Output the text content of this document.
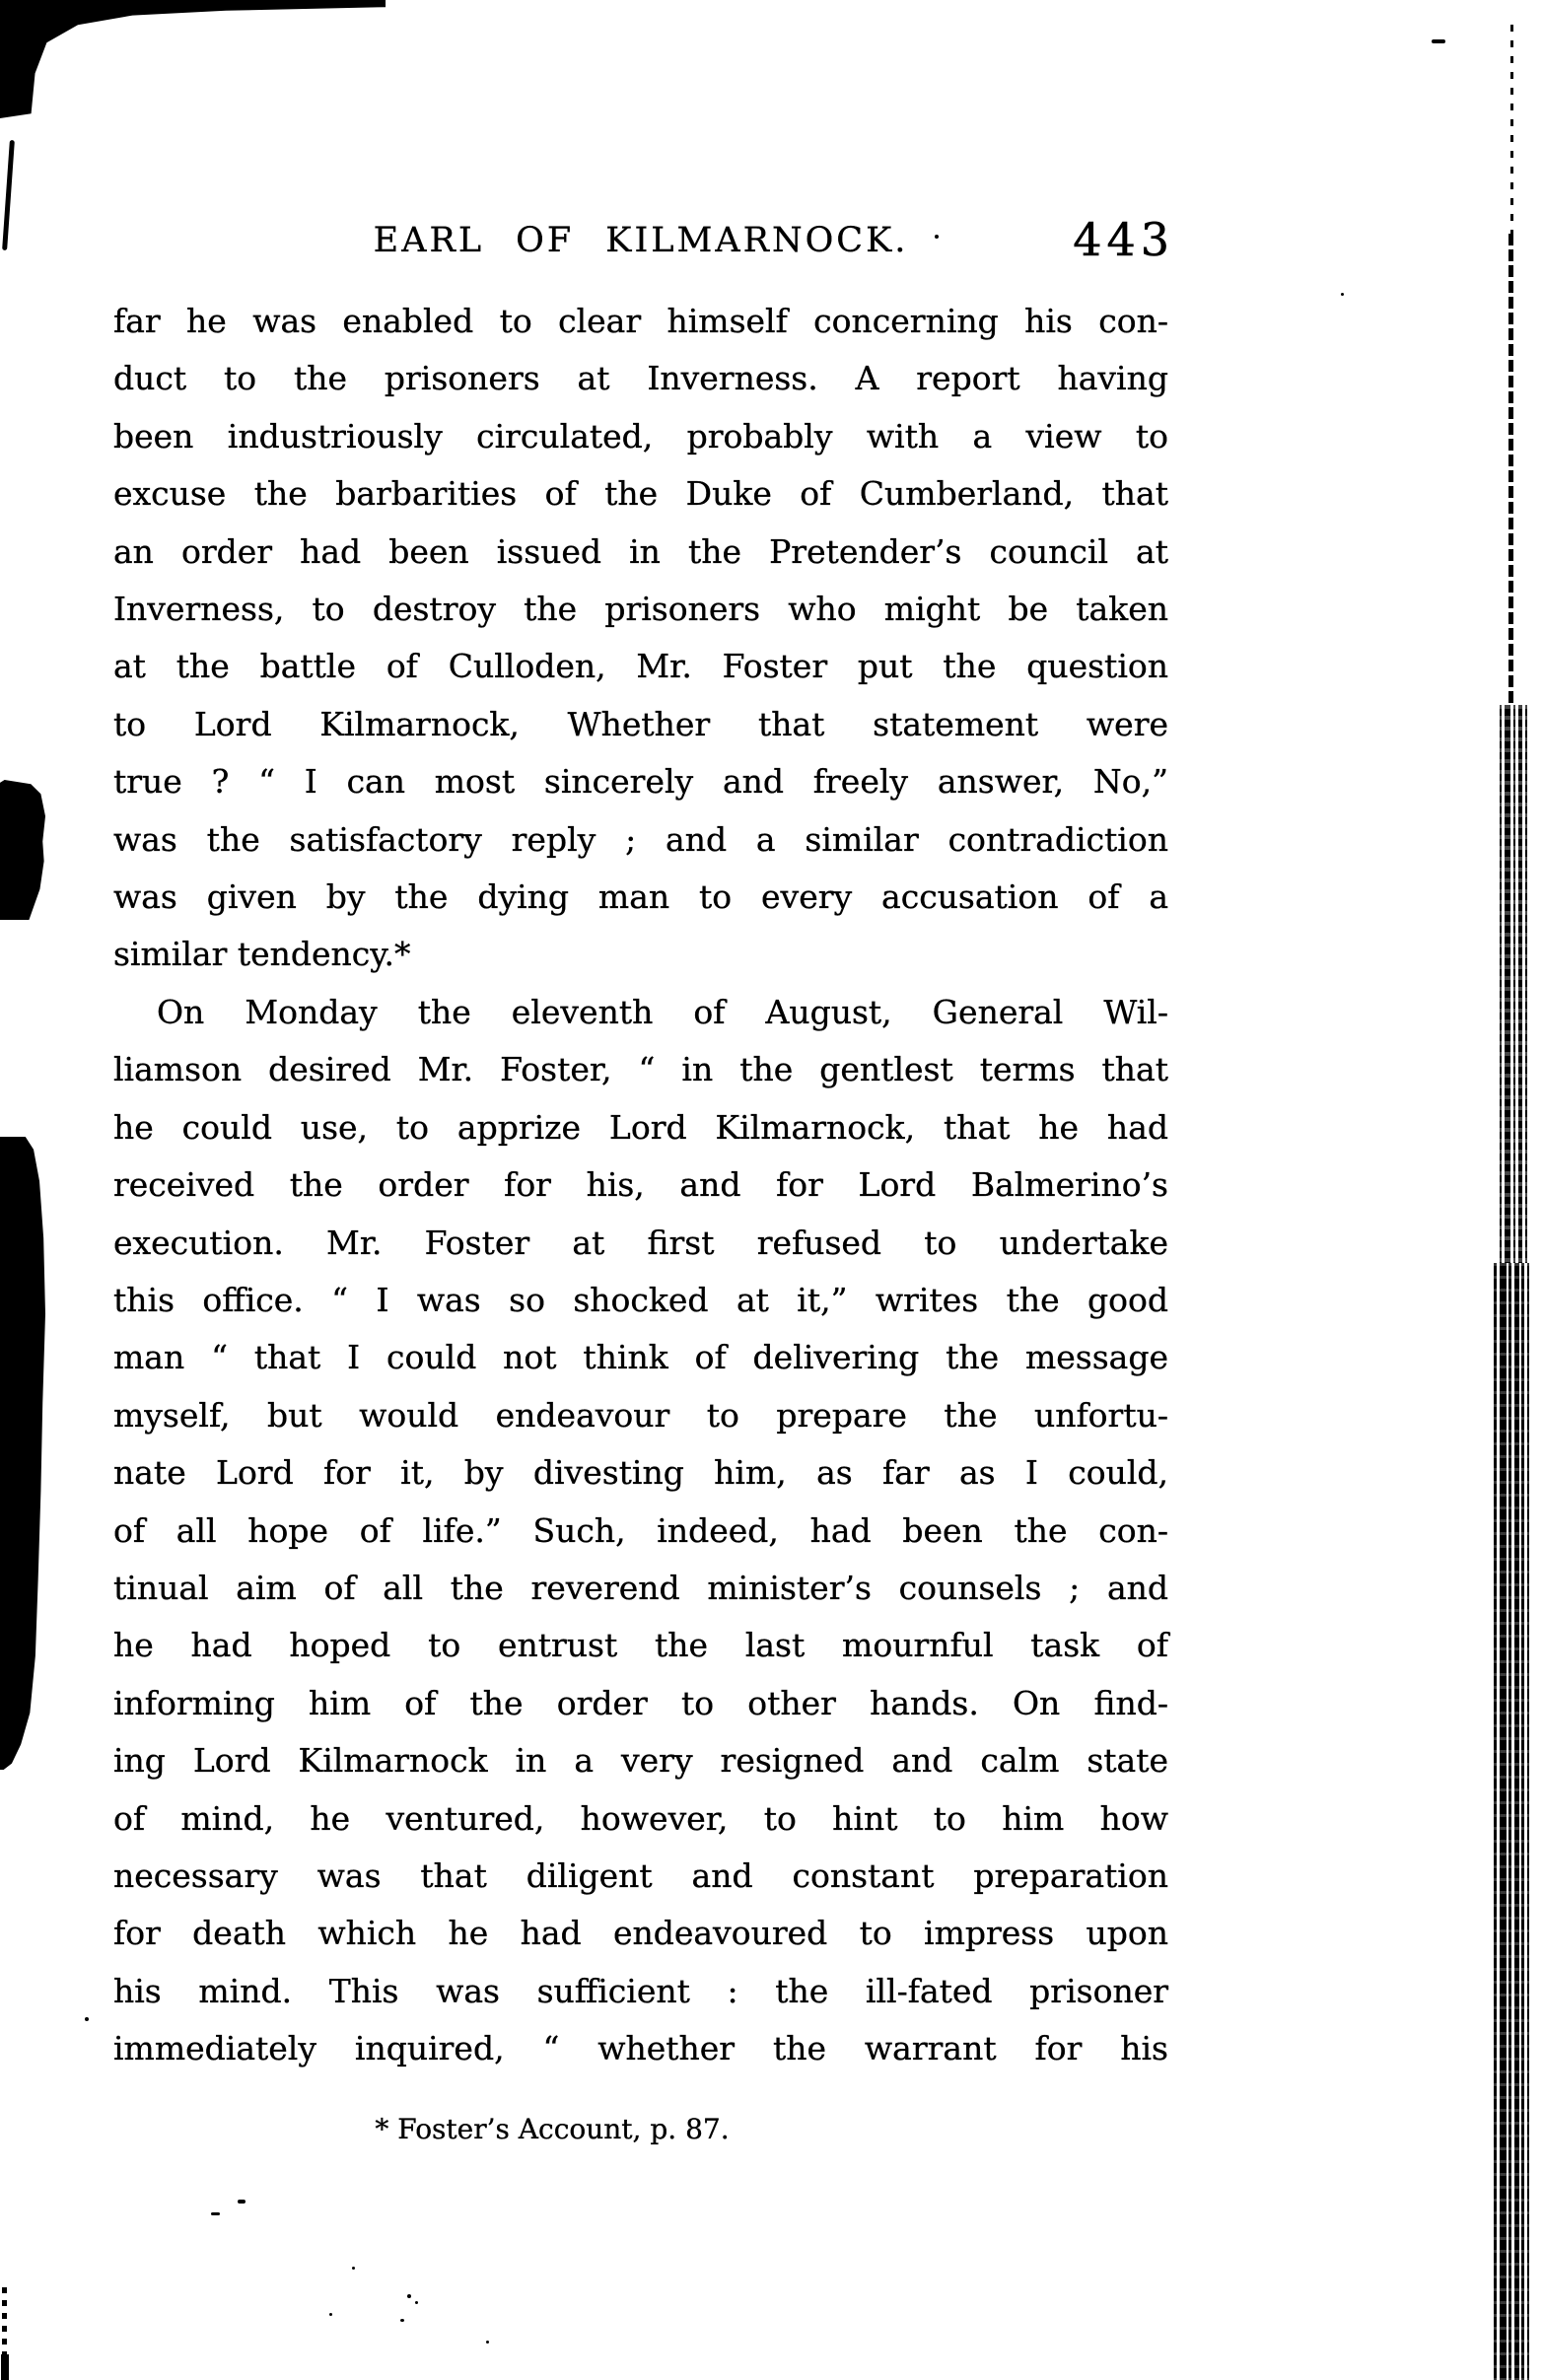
EARL OF KILMARNOCK.	443
far he was enabled to clear himself concerning his con-
duct to the prisoners at Inverness. A report having
been industriously circulated, probably with a view to
excuse the barbarities of the Duke of Cumberland, that
an order had been issued in the Pretender’s council at
Inverness, to destroy the prisoners who might be taken
at the battle of Culloden, Mr. Foster put the question
to Lord Kilmarnock, Whether that statement were
true ? “ I can most sincerely and freely answer, No,”
was the satisfactory reply ; and a similar contradiction
was given by the dying man to every accusation of a
similar tendency.*
On Monday the eleventh of August, General Wil-
liamson desired Mr. Foster, “ in the gentlest terms that
he could use, to apprize Lord Kilmarnock, that he had
received the order for his, and for Lord Balmerino’s
execution. Mr. Foster at first refused to undertake
this office. “ I was so shocked at it,” writes the good
man “ that I could not think of delivering the message
myself, but would endeavour to prepare the unfortu-
nate Lord for it, by divesting him, as far as I could,
of all hope of life.” Such, indeed, had been the con-
tinual aim of all the reverend minister’s counsels ; and
he had hoped to entrust the last mournful task of
informing him of the order to other hands. On find-
ing Lord Kilmarnock in a very resigned and calm state
of mind, he ventured, however, to hint to him how
necessary was that diligent and constant preparation
for death which he had endeavoured to impress upon
his mind. This was sufficient : the ill-fated prisoner
immediately inquired, “ whether the warrant for his
* Foster’s Account, p. 87.
